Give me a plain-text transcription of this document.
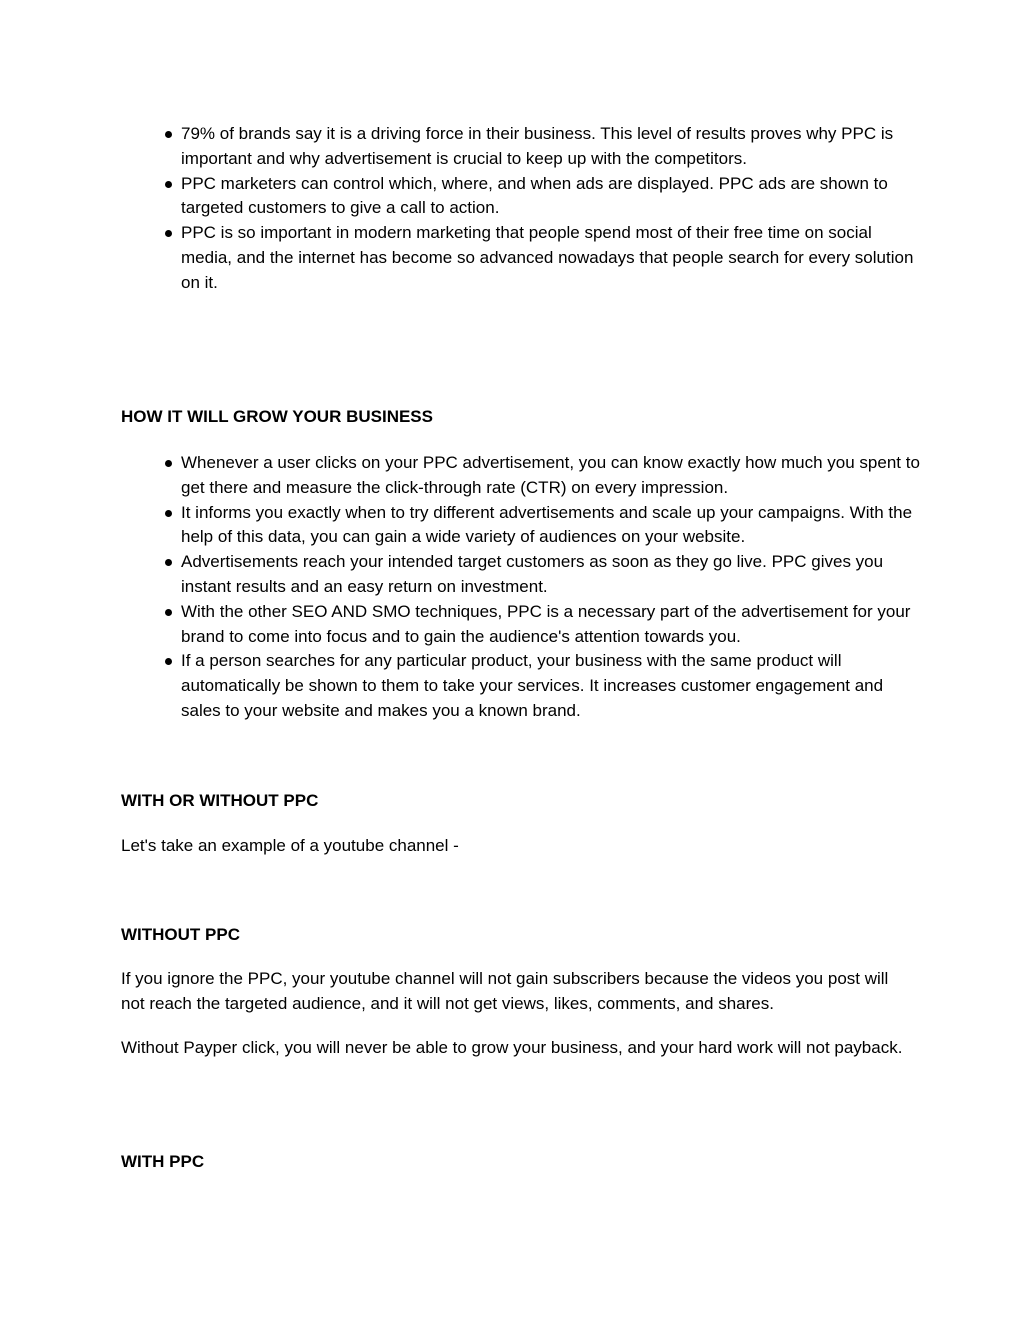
79% of brands say it is a driving force in their business. This level of results proves why PPC is important and why advertisement is crucial to keep up with the competitors.
PPC marketers can control which, where, and when ads are displayed. PPC ads are shown to targeted customers to give a call to action.
PPC is so important in modern marketing that people spend most of their free time on social media, and the internet has become so advanced nowadays that people search for every solution on it.
HOW IT WILL GROW YOUR BUSINESS
Whenever a user clicks on your PPC advertisement, you can know exactly how much you spent to get there and measure the click-through rate (CTR) on every impression.
It informs you exactly when to try different advertisements and scale up your campaigns. With the help of this data, you can gain a wide variety of audiences on your website.
Advertisements reach your intended target customers as soon as they go live. PPC gives you instant results and an easy return on investment.
With the other SEO AND SMO techniques, PPC is a necessary part of the advertisement for your brand to come into focus and to gain the audience's attention towards you.
If a person searches for any particular product, your business with the same product will automatically be shown to them to take your services. It increases customer engagement and sales to your website and makes you a known brand.
WITH OR WITHOUT PPC

Let's take an example of a youtube channel -

WITHOUT PPC

If you ignore the PPC, your youtube channel will not gain subscribers because the videos you post will not reach the targeted audience, and it will not get views, likes, comments, and shares.

Without Payper click, you will never be able to grow your business, and your hard work will not payback.

WITH PPC
